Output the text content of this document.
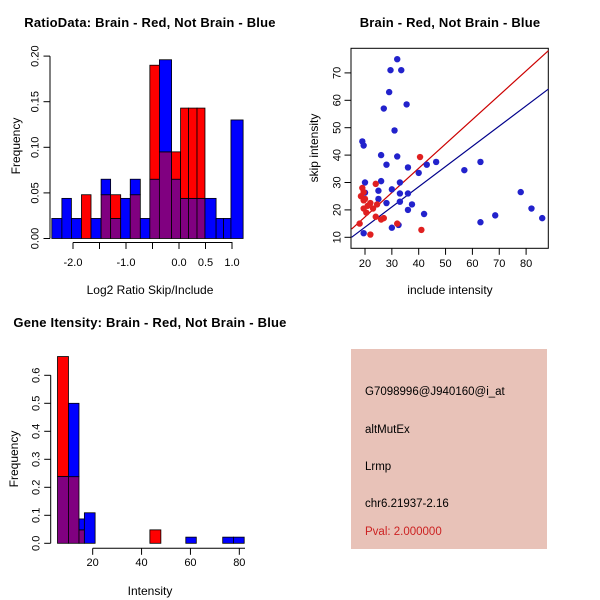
RatioData: Brain - Red, Not Brain - Blue
Frequency
Log2 Ratio Skip/Include
0.00
0.05
0.10
0.15
0.20
-2.0	-1.0	0.0 0.5 1.0
Brain - Red, Not Brain - Blue
skip intensity
include intensity
10
20
30
40
50
60
70
20 30 40 50 60 70 80
Gene Itensity: Brain - Red, Not Brain - Blue
Frequency
Intensity
0.0
0.1
0.2
0.3
0.4
0.5
0.6
20	40	60	80
G7098996@J940160@i_at
altMutEx
Lrmp
chr6.21937-2.16
Pval: 2.000000
